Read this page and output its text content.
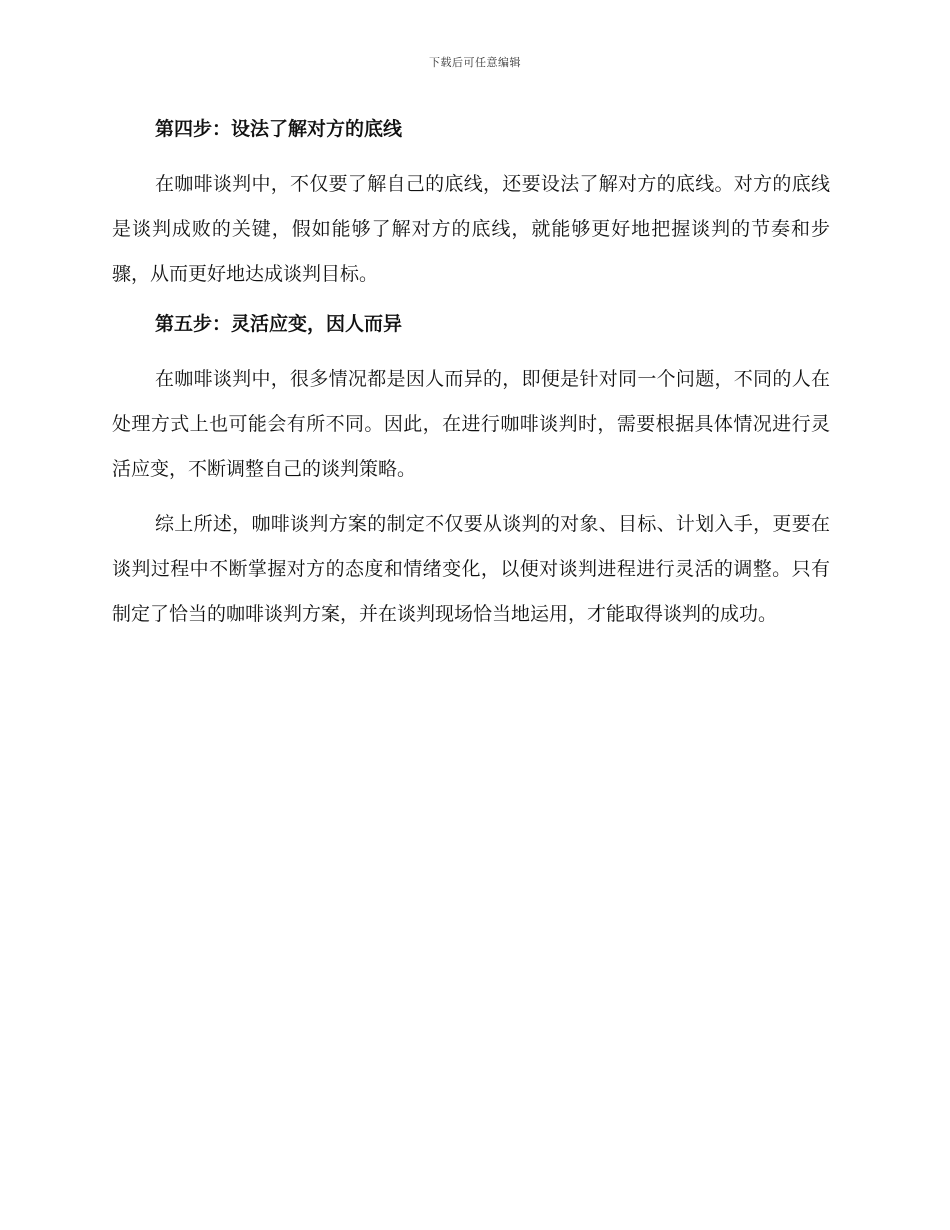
下载后可任意编辑
第四步：设法了解对方的底线

在咖啡谈判中，不仅要了解自己的底线，还要设法了解对方的底线。对方的底线是谈判成败的关键，假如能够了解对方的底线，就能够更好地把握谈判的节奏和步骤，从而更好地达成谈判目标。

第五步：灵活应变，因人而异

在咖啡谈判中，很多情况都是因人而异的，即便是针对同一个问题，不同的人在处理方式上也可能会有所不同。因此，在进行咖啡谈判时，需要根据具体情况进行灵活应变，不断调整自己的谈判策略。

综上所述，咖啡谈判方案的制定不仅要从谈判的对象、目标、计划入手，更要在谈判过程中不断掌握对方的态度和情绪变化，以便对谈判进程进行灵活的调整。只有制定了恰当的咖啡谈判方案，并在谈判现场恰当地运用，才能取得谈判的成功。
